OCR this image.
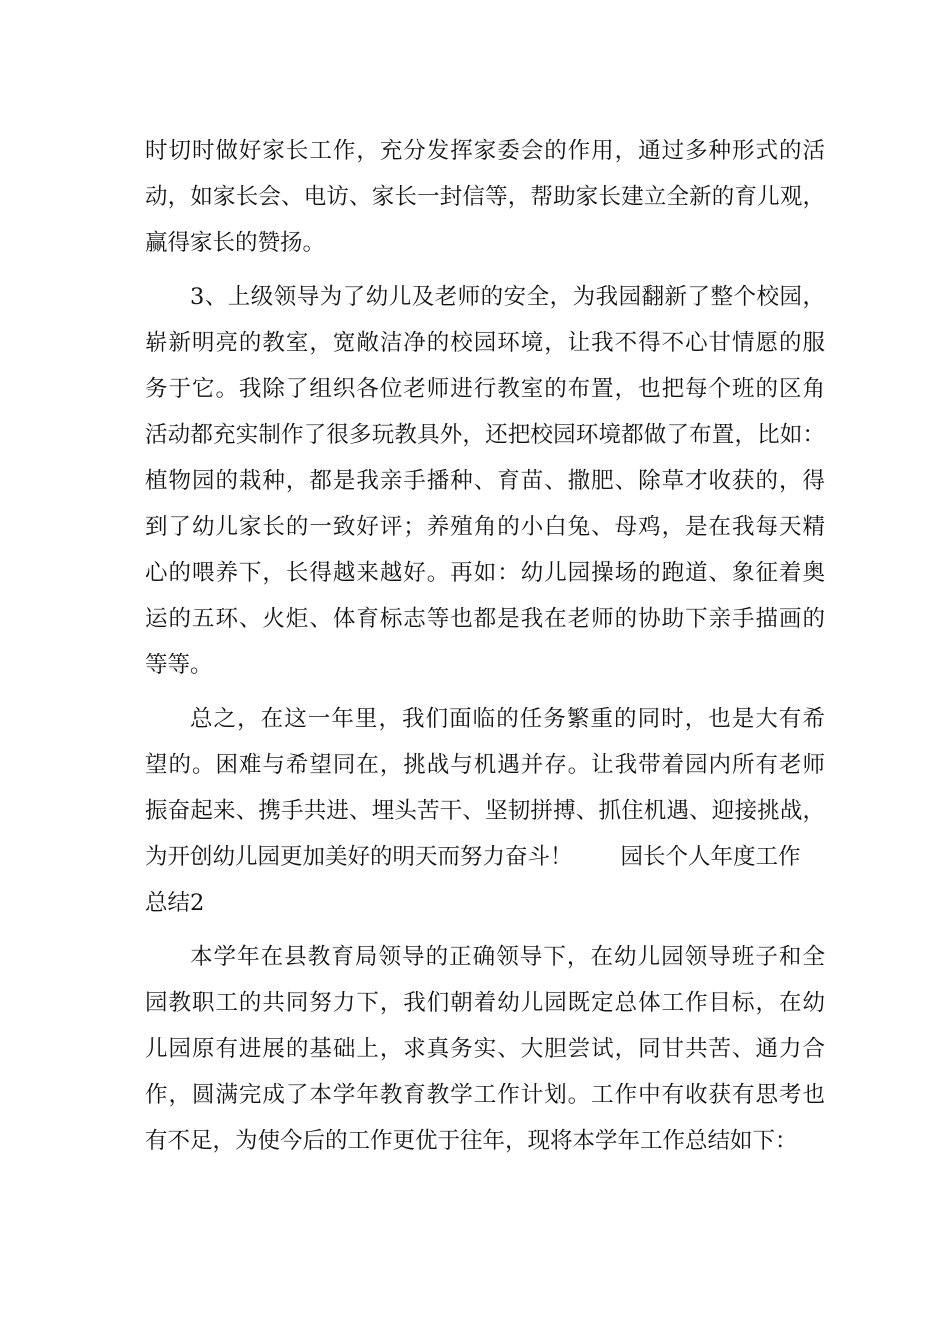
时切时做好家长工作，充分发挥家委会的作用，通过多种形式的活
动，如家长会、电访、家长一封信等，帮助家长建立全新的育儿观，
赢得家长的赞扬。
3、上级领导为了幼儿及老师的安全，为我园翻新了整个校园，
崭新明亮的教室，宽敞洁净的校园环境，让我不得不心甘情愿的服
务于它。我除了组织各位老师进行教室的布置，也把每个班的区角
活动都充实制作了很多玩教具外，还把校园环境都做了布置，比如：
植物园的栽种，都是我亲手播种、育苗、撒肥、除草才收获的，得
到了幼儿家长的一致好评；养殖角的小白兔、母鸡，是在我每天精
心的喂养下，长得越来越好。再如：幼儿园操场的跑道、象征着奥
运的五环、火炬、体育标志等也都是我在老师的协助下亲手描画的
等等。
总之，在这一年里，我们面临的任务繁重的同时，也是大有希
望的。困难与希望同在，挑战与机遇并存。让我带着园内所有老师
振奋起来、携手共进、埋头苦干、坚韧拼搏、抓住机遇、迎接挑战，
为开创幼儿园更加美好的明天而努力奋斗！ 园长个人年度工作
总结2
本学年在县教育局领导的正确领导下，在幼儿园领导班子和全
园教职工的共同努力下，我们朝着幼儿园既定总体工作目标，在幼
儿园原有进展的基础上，求真务实、大胆尝试，同甘共苦、通力合
作，圆满完成了本学年教育教学工作计划。工作中有收获有思考也
有不足，为使今后的工作更优于往年，现将本学年工作总结如下：
